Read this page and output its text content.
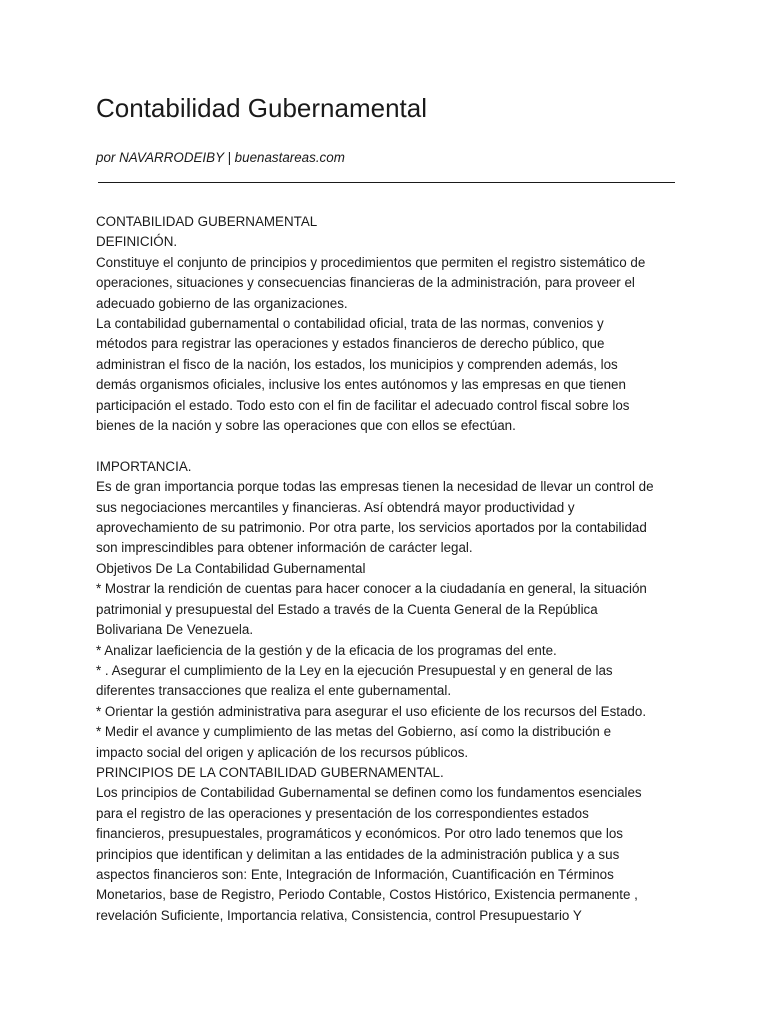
Contabilidad Gubernamental
por NAVARRODEIBY | buenastareas.com
CONTABILIDAD GUBERNAMENTAL
DEFINICIÓN.
Constituye el conjunto de principios y procedimientos que permiten el registro sistemático de
operaciones, situaciones y consecuencias financieras de la administración, para proveer el
adecuado gobierno de las organizaciones.
La contabilidad gubernamental o contabilidad oficial, trata de las normas, convenios y
métodos para registrar las operaciones y estados financieros de derecho público, que
administran el fisco de la nación, los estados, los municipios y comprenden además, los
demás organismos oficiales, inclusive los entes autónomos y las empresas en que tienen
participación el estado. Todo esto con el fin de facilitar el adecuado control fiscal sobre los
bienes de la nación y sobre las operaciones que con ellos se efectúan.
IMPORTANCIA.
Es de gran importancia porque todas las empresas tienen la necesidad de llevar un control de
sus negociaciones mercantiles y financieras. Así obtendrá mayor productividad y
aprovechamiento de su patrimonio. Por otra parte, los servicios aportados por la contabilidad
son imprescindibles para obtener información de carácter legal.
Objetivos De La Contabilidad Gubernamental
* Mostrar la rendición de cuentas para hacer conocer a la ciudadanía en general, la situación
patrimonial y presupuestal del Estado a través de la Cuenta General de la República
Bolivariana De Venezuela.
* Analizar laeficiencia de la gestión y de la eficacia de los programas del ente.
* . Asegurar el cumplimiento de la Ley en la ejecución Presupuestal y en general de las
diferentes transacciones que realiza el ente gubernamental.
* Orientar la gestión administrativa para asegurar el uso eficiente de los recursos del Estado.
* Medir el avance y cumplimiento de las metas del Gobierno, así como la distribución e
impacto social del origen y aplicación de los recursos públicos.
PRINCIPIOS DE LA CONTABILIDAD GUBERNAMENTAL.
Los principios de Contabilidad Gubernamental se definen como los fundamentos esenciales
para el registro de las operaciones y presentación de los correspondientes estados
financieros, presupuestales, programáticos y económicos. Por otro lado tenemos que los
principios que identifican y delimitan a las entidades de la administración publica y a sus
aspectos financieros son: Ente, Integración de Información, Cuantificación en Términos
Monetarios, base de Registro, Periodo Contable, Costos Histórico, Existencia permanente ,
revelación Suficiente, Importancia relativa, Consistencia, control Presupuestario Y
